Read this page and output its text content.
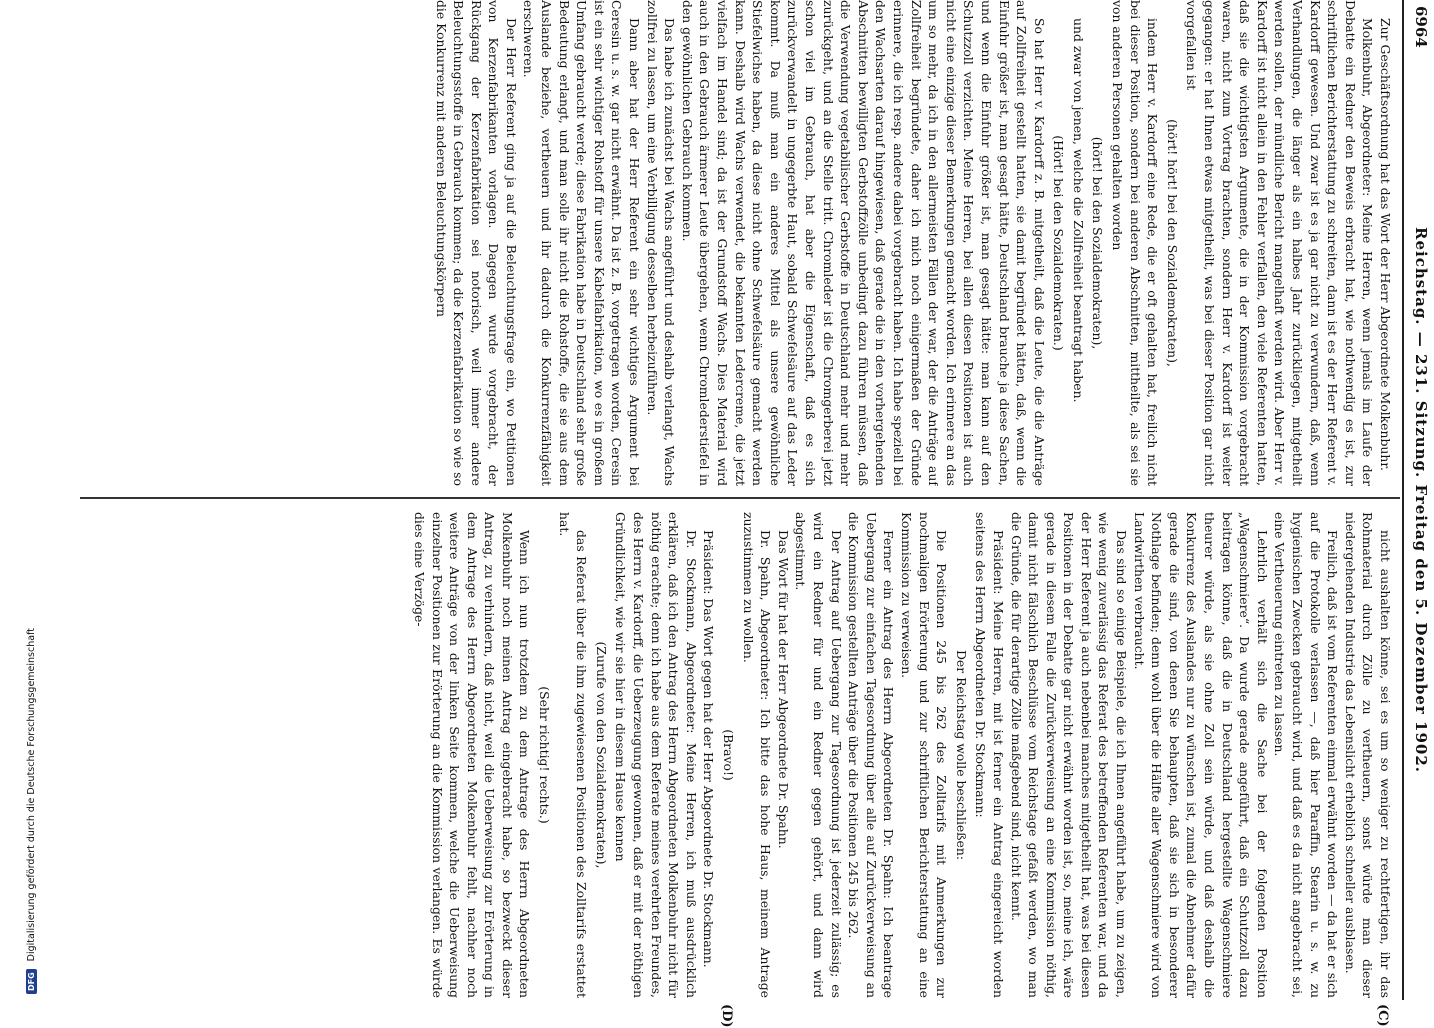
DFG
Digitalisierung gefördert durch die Deutsche Forschungsgemeinschaft
6964
Reichstag. — 231. Sitzung. Freitag den 5. Dezember 1902.
(C)
(D)

Zur Geschäftsordnung hat das Wort der Herr Abgeordnete Molkenbuhr.

Molkenbuhr, Abgeordneter: Meine Herren, wenn jemals im Laufe der Debatte ein Redner den Beweis erbracht hat, wie nothwendig es ist, zur schriftlichen Berichterstattung zu schreiten, dann ist es der Herr Referent v. Kardorff gewesen. Und zwar ist es ja gar nicht zu verwundern, daß, wenn Verhandlungen, die länger als ein halbes Jahr zurückliegen, mitgetheilt werden sollen, der mündliche Bericht mangelhaft werden wird. Aber Herr v. Kardorff ist nicht allein in den Fehler verfallen, den viele Referenten hatten, daß sie die wichtigsten Argumente, die in der Kommission vorgebracht waren, nicht zum Vortrag brachten, sondern Herr v. Kardorff ist weiter gegangen: er hat Ihnen etwas mitgetheilt, was bei dieser Position gar nicht vorgefallen ist

(hört! hört! bei den Sozialdemokraten),

indem Herr v. Kardorff eine Rede, die er oft gehalten hat, freilich nicht bei dieser Position, sondern bei anderen Abschnitten, mittheilte, als sei sie von anderen Personen gehalten worden

(hört! bei den Sozialdemokraten),

und zwar von jenen, welche die Zollfreiheit beantragt haben.

(Hört! bei den Sozialdemokraten.)

So hat Herr v. Kardorff z. B. mitgetheilt, daß die Leute, die die Anträge auf Zollfreiheit gestellt hatten, sie damit begründet hätten, daß, wenn die Einfuhr größer ist, man gesagt hätte, Deutschland brauche ja diese Sachen, und wenn die Einfuhr größer ist, man gesagt hätte: man kann auf den Schutzzoll verzichten. Meine Herren, bei allen diesen Positionen ist auch nicht eine einzige dieser Bemerkungen gemacht worden. Ich erinnere an das um so mehr, da ich in den allermeisten Fällen der war, der die Anträge auf Zollfreiheit begründete, daher ich mich noch einigermaßen der Gründe erinnere, die ich resp. andere dabei vorgebracht haben. Ich habe speziell bei den Wachsarten darauf hingewiesen, daß gerade die in den vorhergehenden Abschnitten bewilligten Gerbstoffzölle unbedingt dazu führen müssen, daß die Verwendung vegetabilischer Gerbstoffe in Deutschland mehr und mehr zurückgeht, und an die Stelle tritt. Chromleder ist die Chromgerberei jetzt schon viel im Gebrauch, hat aber die Eigenschaft, daß es sich zurückverwandelt in ungegerbte Haut, sobald Schwefelsäure auf das Leder kommt. Da muß man ein anderes Mittel als unsere gewöhnliche Stiefelwichse haben, da diese nicht ohne Schwefelsäure gemacht werden kann. Deshalb wird Wachs verwendet, die bekannten Ledercreme, die jetzt vielfach im Handel sind; da ist der Grundstoff Wachs. Dies Material wird auch in den Gebrauch ärmerer Leute übergehen, wenn Chromlederstiefel in den gewöhnlichen Gebrauch kommen.

Das habe ich zunächst bei Wachs angeführt und deshalb verlangt, Wachs zollfrei zu lassen, um eine Verbilligung desselben herbeizuführen.

Dann aber hat der Herr Referent ein sehr wichtiges Argument bei Ceresin u. s. w. gar nicht erwähnt. Da ist z. B. vorgetragen worden, Ceresin ist ein sehr wichtiger Rohstoff für unsere Kabelfabrikation, wo es in großem Umfang gebraucht werde; diese Fabrikation habe in Deutschland sehr große Bedeutung erlangt, und man solle ihr nicht die Rohstoffe, die sie aus dem Auslande beziehe, vertheuern und ihr dadurch die Konkurrenzfähigkeit erschweren.

Der Herr Referent ging ja auf die Beleuchtungsfrage ein, wo Petitionen von Kerzenfabrikanten vorlagen. Dagegen wurde vorgebracht, der Rückgang der Kerzenfabrikation sei notorisch, weil immer andere Beleuchtungsstoffe in Gebrauch kommen; da die Kerzenfabrikation so wie so die Konkurrenz mit anderen Beleuchtungskörpern

nicht aushalten könne, sei es um so weniger zu rechtfertigen, ihr das Rohmaterial durch Zölle zu vertheuern, sonst würde man dieser niedergehenden Industrie das Lebenslicht erheblich schneller ausblasen.

Freilich, daß ist vom Referenten einmal erwähnt worden — da hat er sich auf die Protokolle verlassen —, daß hier Paraffin, Stearin u. s. w. zu hygienischen Zwecken gebraucht wird, und daß es da nicht angebracht sei, eine Vertheuerung eintreten zu lassen.

Lehrlich verhält sich die Sache bei der folgenden Position „Wagenschmiere“. Da wurde gerade angeführt, daß ein Schutzzoll dazu beitragen könne, daß die in Deutschland hergestellte Wagenschmiere theurer würde, als sie ohne Zoll sein würde, und daß deshalb die Konkurrenz des Auslandes nur zu wünschen ist, zumal die Abnehmer dafür gerade die sind, von denen Sie behaupten, daß sie sich in besonderer Nothlage befinden; denn wohl über die Hälfte aller Wagenschmiere wird von Landwirthen verbraucht.

Das sind so einige Beispiele, die ich Ihnen angeführt habe, um zu zeigen, wie wenig zuverlässig das Referat des betreffenden Referenten war, und da der Herr Referent ja auch nebenbei manches mitgetheilt hat, was bei diesen Positionen in der Debatte gar nicht erwähnt worden ist, so, meine ich, wäre gerade in diesem Falle die Zurückverweisung an eine Kommission nöthig, damit nicht fälschlich Beschlüsse vom Reichstage gefaßt werden, wo man die Gründe, die für derartige Zölle maßgebend sind, nicht kennt.

Präsident: Meine Herren, mit ist ferner ein Antrag eingereicht worden seitens des Herrn Abgeordneten Dr. Stockmann:

Der Reichstag wolle beschließen:

Die Positionen 245 bis 262 des Zolltarifs mit Anmerkungen zur nochmaligen Erörterung und zur schriftlichen Berichterstattung an eine Kommission zu verweisen.

Ferner ein Antrag des Herrn Abgeordneten Dr. Spahn: Ich beantrage Uebergang zur einfachen Tagesordnung über alle auf Zurückverweisung an die Kommission gestellten Anträge über die Positionen 245 bis 262.

Der Antrag auf Uebergang zur Tagesordnung ist jederzeit zulässig; es wird ein Redner für und ein Redner gegen gehört, und dann wird abgestimmt.

Das Wort für hat der Herr Abgeordnete Dr. Spahn.

Dr. Spahn, Abgeordneter: Ich bitte das hohe Haus, meinem Antrage zuzustimmen zu wollen.

(Bravo!)

Präsident: Das Wort gegen hat der Herr Abgeordnete Dr. Stockmann.

Dr. Stockmann, Abgeordneter: Meine Herren, ich muß ausdrücklich erklären, daß ich den Antrag des Herrn Abgeordneten Molkenbuhr nicht für nöthig erachte; denn ich habe aus dem Referate meines verehrten Freundes, des Herrn v. Kardorff, die Ueberzeugung gewonnen, daß er mit der nöthigen Gründlichkeit, wie wir sie hier in diesem Hause kennen

(Zurufe von den Sozialdemokraten),

das Referat über die ihm zugewiesenen Positionen des Zolltarifs erstattet hat.

(Sehr richtig! rechts.)

Wenn ich nun trotzdem zu dem Antrage des Herrn Abgeordneten Molkenbuhr noch meinen Antrag eingebracht habe, so bezweckt dieser Antrag, zu verhindern, daß nicht, weil die Ueberweisung zur Erörterung in dem Antrage des Herrn Abgeordneten Molkenbuhr fehlt, nachher noch weitere Anträge von der linken Seite kommen, welche die Ueberweisung einzelner Positionen zur Erörterung an die Kommission verlangen. Es würde dies eine Verzöge-
